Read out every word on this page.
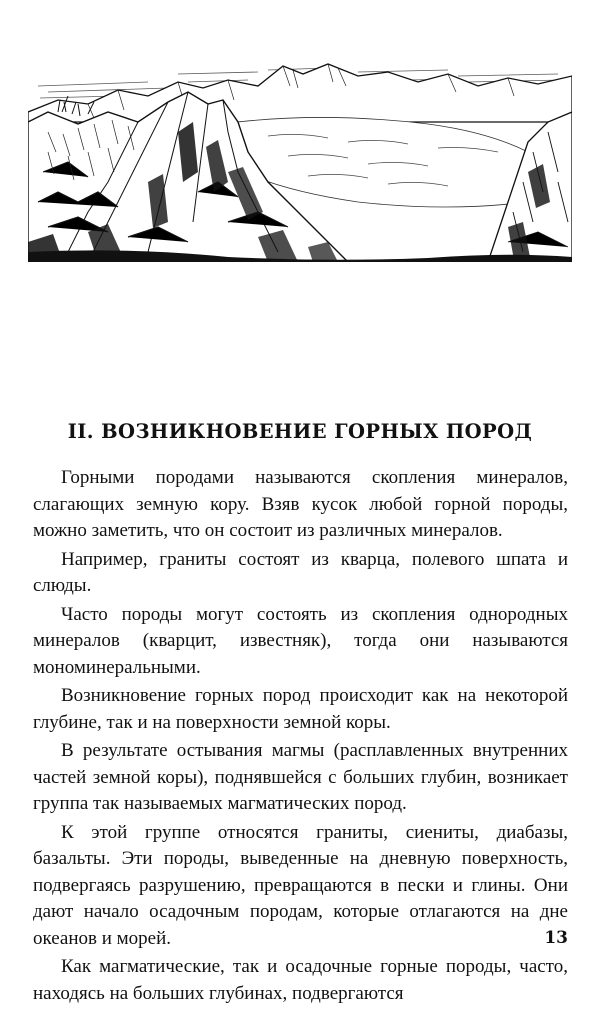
II. ВОЗНИКНОВЕНИЕ ГОРНЫХ ПОРОД

Горными породами называются скопления минералов, слагающих земную кору. Взяв кусок любой горной породы, можно заметить, что он состоит из различных минералов.

Например, граниты состоят из кварца, полевого шпата и слюды.

Часто породы могут состоять из скопления однородных минералов (кварцит, известняк), тогда они называются мономинеральными.

Возникновение горных пород происходит как на некоторой глубине, так и на поверхности земной коры.

В результате остывания магмы (расплавленных внутренних частей земной коры), поднявшейся с больших глубин, возникает группа так называемых магматических пород.

К этой группе относятся граниты, сиениты, диабазы, базальты. Эти породы, выведенные на дневную поверхность, подвергаясь разрушению, превращаются в пески и глины. Они дают начало осадочным породам, которые отлагаются на дне океанов и морей.

Как магматические, так и осадочные горные породы, часто, находясь на больших глубинах, подвергаются

13
